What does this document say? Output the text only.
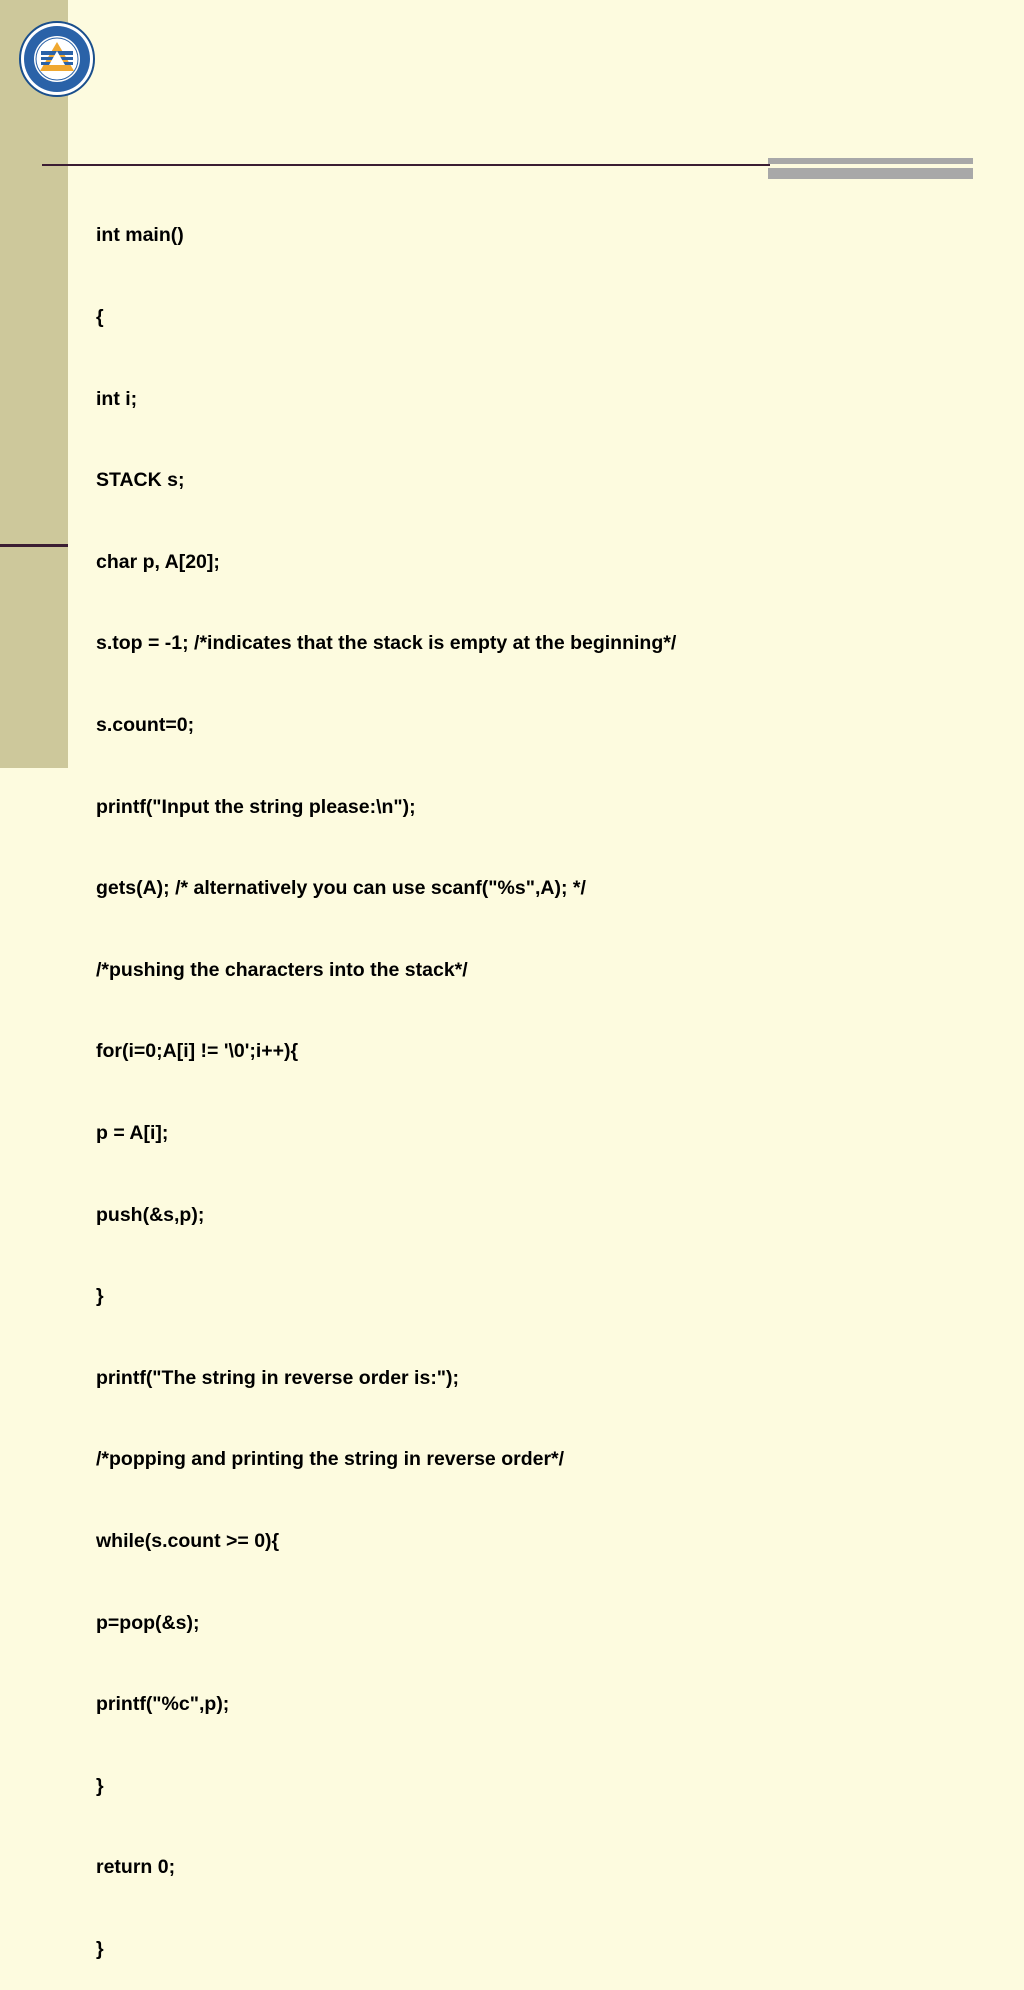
1979

int main()

{

int i;

STACK s;

char p, A[20];

s.top = -1; /*indicates that the stack is empty at the beginning*/

s.count=0;

printf("Input the string please:\n");

gets(A); /* alternatively you can use scanf("%s",A); */

/*pushing the characters into the stack*/

for(i=0;A[i] != '\0';i++){

p = A[i];

push(&s,p);

}

printf("The string in reverse order is:");

/*popping and printing the string in reverse order*/

while(s.count >= 0){

p=pop(&s);

printf("%c",p);

}

return 0;

}
